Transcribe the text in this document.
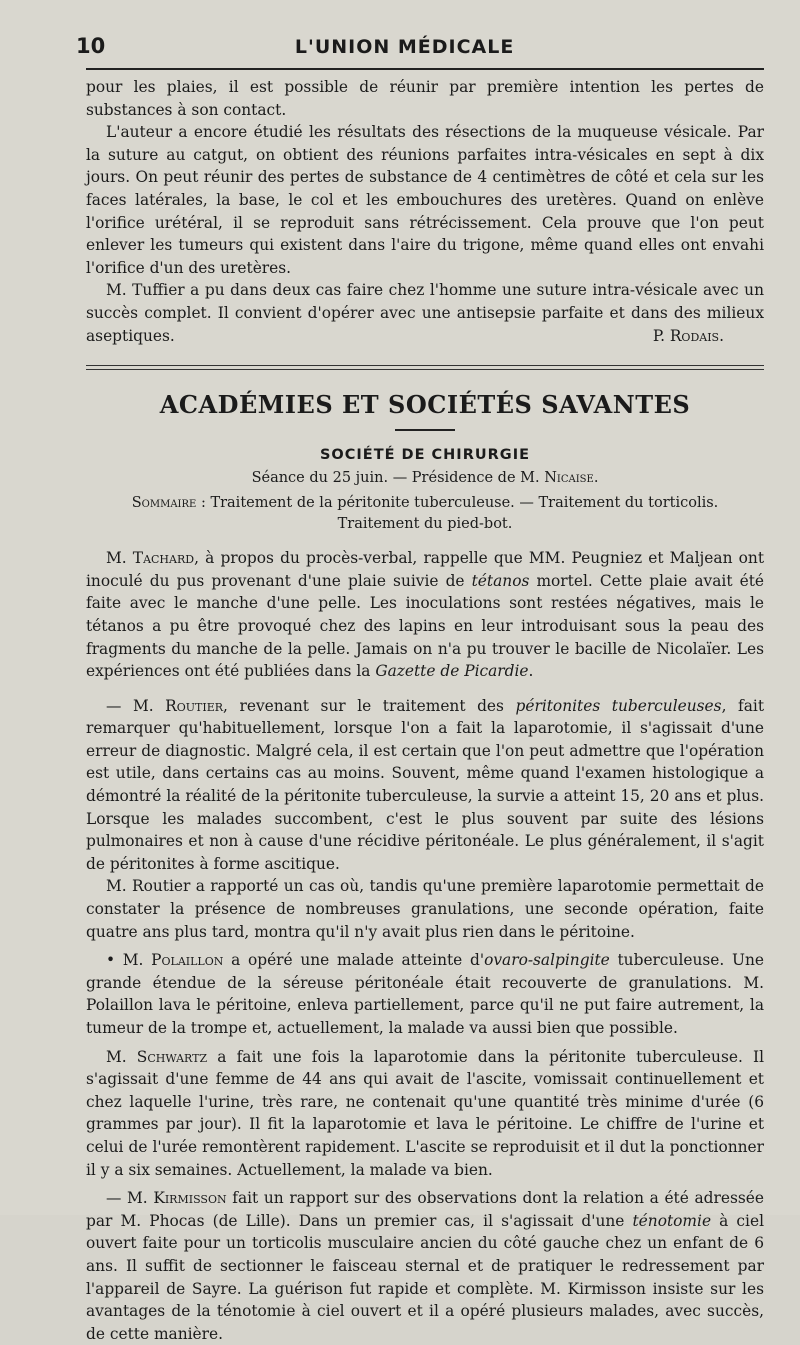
10	L'UNION MÉDICALE

pour les plaies, il est possible de réunir par première intention les pertes de substances à son contact.

L'auteur a encore étudié les résultats des résections de la muqueuse vésicale. Par la suture au catgut, on obtient des réunions parfaites intra-vésicales en sept à dix jours. On peut réunir des pertes de substance de 4 centimètres de côté et cela sur les faces latérales, la base, le col et les embouchures des uretères. Quand on enlève l'orifice urétéral, il se reproduit sans rétrécissement. Cela prouve que l'on peut enlever les tumeurs qui existent dans l'aire du trigone, même quand elles ont envahi l'orifice d'un des uretères.

M. Tuffier a pu dans deux cas faire chez l'homme une suture intra-vésicale avec un succès complet. Il convient d'opérer avec une antisepsie parfaite et dans des milieux aseptiques.	P. Rodais.
ACADÉMIES ET SOCIÉTÉS SAVANTES
SOCIÉTÉ DE CHIRURGIE
Séance du 25 juin. — Présidence de M. Nicaise.
Sommaire : Traitement de la péritonite tuberculeuse. — Traitement du torticolis.
Traitement du pied-bot.

M. Tachard, à propos du procès-verbal, rappelle que MM. Peugniez et Maljean ont inoculé du pus provenant d'une plaie suivie de tétanos mortel. Cette plaie avait été faite avec le manche d'une pelle. Les inoculations sont restées négatives, mais le tétanos a pu être provoqué chez des lapins en leur introduisant sous la peau des fragments du manche de la pelle. Jamais on n'a pu trouver le bacille de Nicolaïer. Les expériences ont été publiées dans la Gazette de Picardie.

— M. Routier, revenant sur le traitement des péritonites tuberculeuses, fait remarquer qu'habituellement, lorsque l'on a fait la laparotomie, il s'agissait d'une erreur de diagnostic. Malgré cela, il est certain que l'on peut admettre que l'opération est utile, dans certains cas au moins. Souvent, même quand l'examen histologique a démontré la réalité de la péritonite tuberculeuse, la survie a atteint 15, 20 ans et plus. Lorsque les malades succombent, c'est le plus souvent par suite des lésions pulmonaires et non à cause d'une récidive péritonéale. Le plus généralement, il s'agit de péritonites à forme ascitique.

M. Routier a rapporté un cas où, tandis qu'une première laparotomie permettait de constater la présence de nombreuses granulations, une seconde opération, faite quatre ans plus tard, montra qu'il n'y avait plus rien dans le péritoine.

• M. Polaillon a opéré une malade atteinte d'ovaro-salpingite tuberculeuse. Une grande étendue de la séreuse péritonéale était recouverte de granulations. M. Polaillon lava le péritoine, enleva partiellement, parce qu'il ne put faire autrement, la tumeur de la trompe et, actuellement, la malade va aussi bien que possible.

M. Schwartz a fait une fois la laparotomie dans la péritonite tuberculeuse. Il s'agissait d'une femme de 44 ans qui avait de l'ascite, vomissait continuellement et chez laquelle l'urine, très rare, ne contenait qu'une quantité très minime d'urée (6 grammes par jour). Il fit la laparotomie et lava le péritoine. Le chiffre de l'urine et celui de l'urée remontèrent rapidement. L'ascite se reproduisit et il dut la ponctionner il y a six semaines. Actuellement, la malade va bien.

— M. Kirmisson fait un rapport sur des observations dont la relation a été adressée par M. Phocas (de Lille). Dans un premier cas, il s'agissait d'une ténotomie à ciel ouvert faite pour un torticolis musculaire ancien du côté gauche chez un enfant de 6 ans. Il suffit de sectionner le faisceau sternal et de pratiquer le redressement par l'appareil de Sayre. La guérison fut rapide et complète. M. Kirmisson insiste sur les avantages de la ténotomie à ciel ouvert et il a opéré plusieurs malades, avec succès, de cette manière.
